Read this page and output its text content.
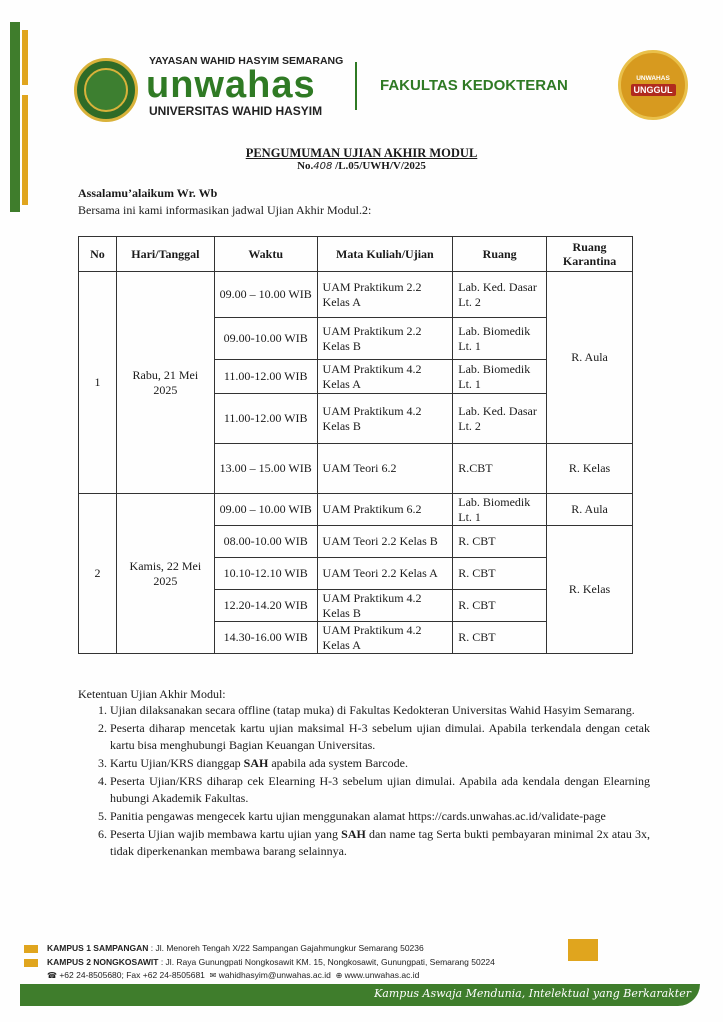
YAYASAN WAHID HASYIM SEMARANG
unwahas
UNIVERSITAS WAHID HASYIM
FAKULTAS KEDOKTERAN	UNWAHAS
UNGGUL
PENGUMUMAN UJIAN AKHIR MODUL
No.408 /L.05/UWH/V/2025
Assalamu’alaikum Wr. Wb
Bersama ini kami informasikan jadwal Ujian Akhir Modul.2:
No	Hari/Tanggal	Waktu	Mata Kuliah/Ujian	Ruang	Ruang Karantina
1	Rabu, 21 Mei 2025	09.00 – 10.00 WIB	UAM Praktikum 2.2 Kelas A	Lab. Ked. Dasar Lt. 2	R. Aula
		09.00-10.00 WIB	UAM Praktikum 2.2 Kelas B	Lab. Biomedik Lt. 1	
		11.00-12.00 WIB	UAM Praktikum 4.2 Kelas A	Lab. Biomedik Lt. 1	
		11.00-12.00 WIB	UAM Praktikum 4.2 Kelas B	Lab. Ked. Dasar Lt. 2	
		13.00 – 15.00 WIB	UAM Teori 6.2	R.CBT	R. Kelas
2	Kamis, 22 Mei 2025	09.00 – 10.00 WIB	UAM Praktikum 6.2	Lab. Biomedik Lt. 1	R. Aula
		08.00-10.00 WIB	UAM Teori 2.2 Kelas B	R. CBT	R. Kelas
		10.10-12.10 WIB	UAM Teori 2.2 Kelas A	R. CBT	
		12.20-14.20 WIB	UAM Praktikum 4.2 Kelas B	R. CBT	
		14.30-16.00 WIB	UAM Praktikum 4.2 Kelas A	R. CBT	
Ketentuan Ujian Akhir Modul:
1. Ujian dilaksanakan secara offline (tatap muka) di Fakultas Kedokteran Universitas Wahid Hasyim Semarang.
2. Peserta diharap mencetak kartu ujian maksimal H-3 sebelum ujian dimulai. Apabila terkendala dengan cetak kartu bisa menghubungi Bagian Keuangan Universitas.
3. Kartu Ujian/KRS dianggap SAH apabila ada system Barcode.
4. Peserta Ujian/KRS diharap cek Elearning H-3 sebelum ujian dimulai. Apabila ada kendala dengan Elearning hubungi Akademik Fakultas.
5. Panitia pengawas mengecek kartu ujian menggunakan alamat https://cards.unwahas.ac.id/validate-page
6. Peserta Ujian wajib membawa kartu ujian yang SAH dan name tag Serta bukti pembayaran minimal 2x atau 3x, tidak diperkenankan membawa barang selainnya.
KAMPUS 1 SAMPANGAN : Jl. Menoreh Tengah X/22 Sampangan Gajahmungkur Semarang 50236
KAMPUS 2 NONGKOSAWIT : Jl. Raya Gunungpati Nongkosawit KM. 15, Nongkosawit, Gunungpati, Semarang 50224
☎ +62 24-8505680; Fax +62 24-8505681 ✉ wahidhasyim@unwahas.ac.id ⊕ www.unwahas.ac.id
Kampus Aswaja Mendunia, Intelektual yang Berkarakter
